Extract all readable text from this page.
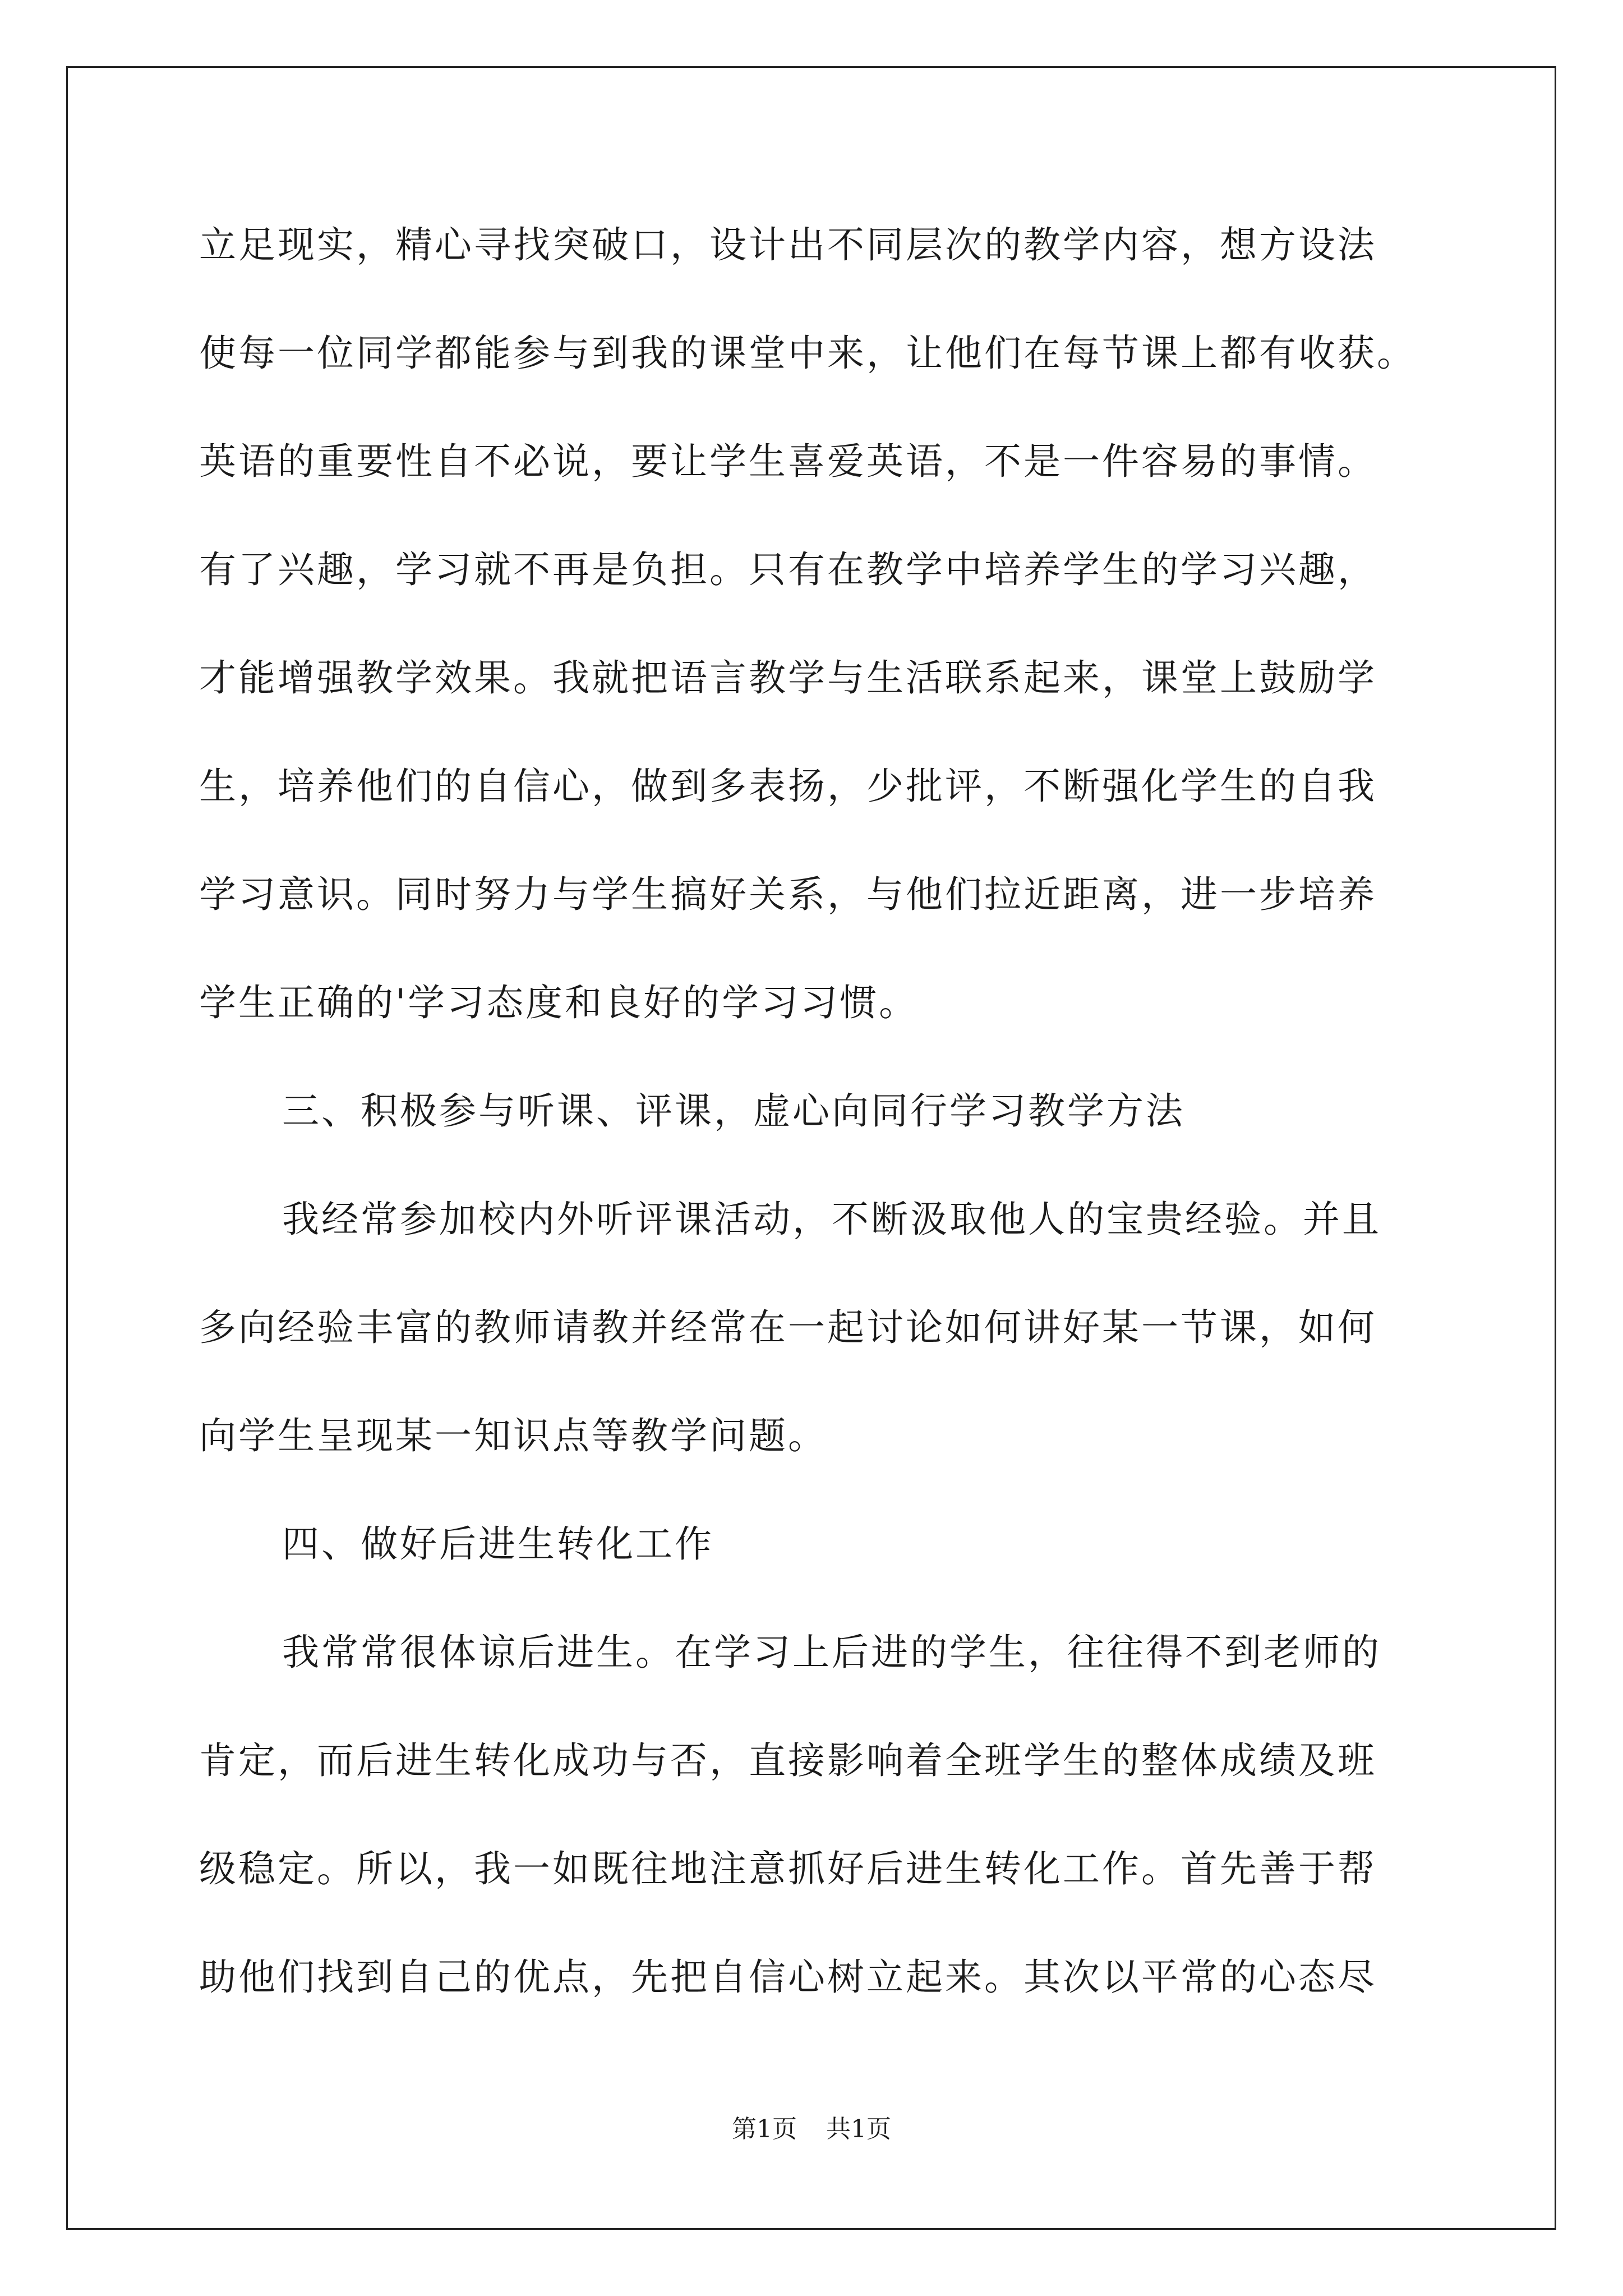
立足现实，精心寻找突破口，设计出不同层次的教学内容，想方设法
使每一位同学都能参与到我的课堂中来，让他们在每节课上都有收获。
英语的重要性自不必说，要让学生喜爱英语，不是一件容易的事情。
有了兴趣，学习就不再是负担。只有在教学中培养学生的学习兴趣，
才能增强教学效果。我就把语言教学与生活联系起来，课堂上鼓励学
生，培养他们的自信心，做到多表扬，少批评，不断强化学生的自我
学习意识。同时努力与学生搞好关系，与他们拉近距离，进一步培养
学生正确的'学习态度和良好的学习习惯。
三、积极参与听课、评课，虚心向同行学习教学方法
我经常参加校内外听评课活动，不断汲取他人的宝贵经验。并且
多向经验丰富的教师请教并经常在一起讨论如何讲好某一节课，如何
向学生呈现某一知识点等教学问题。
四、做好后进生转化工作
我常常很体谅后进生。在学习上后进的学生，往往得不到老师的
肯定，而后进生转化成功与否，直接影响着全班学生的整体成绩及班
级稳定。所以，我一如既往地注意抓好后进生转化工作。首先善于帮
助他们找到自己的优点，先把自信心树立起来。其次以平常的心态尽
第1页 共1页
